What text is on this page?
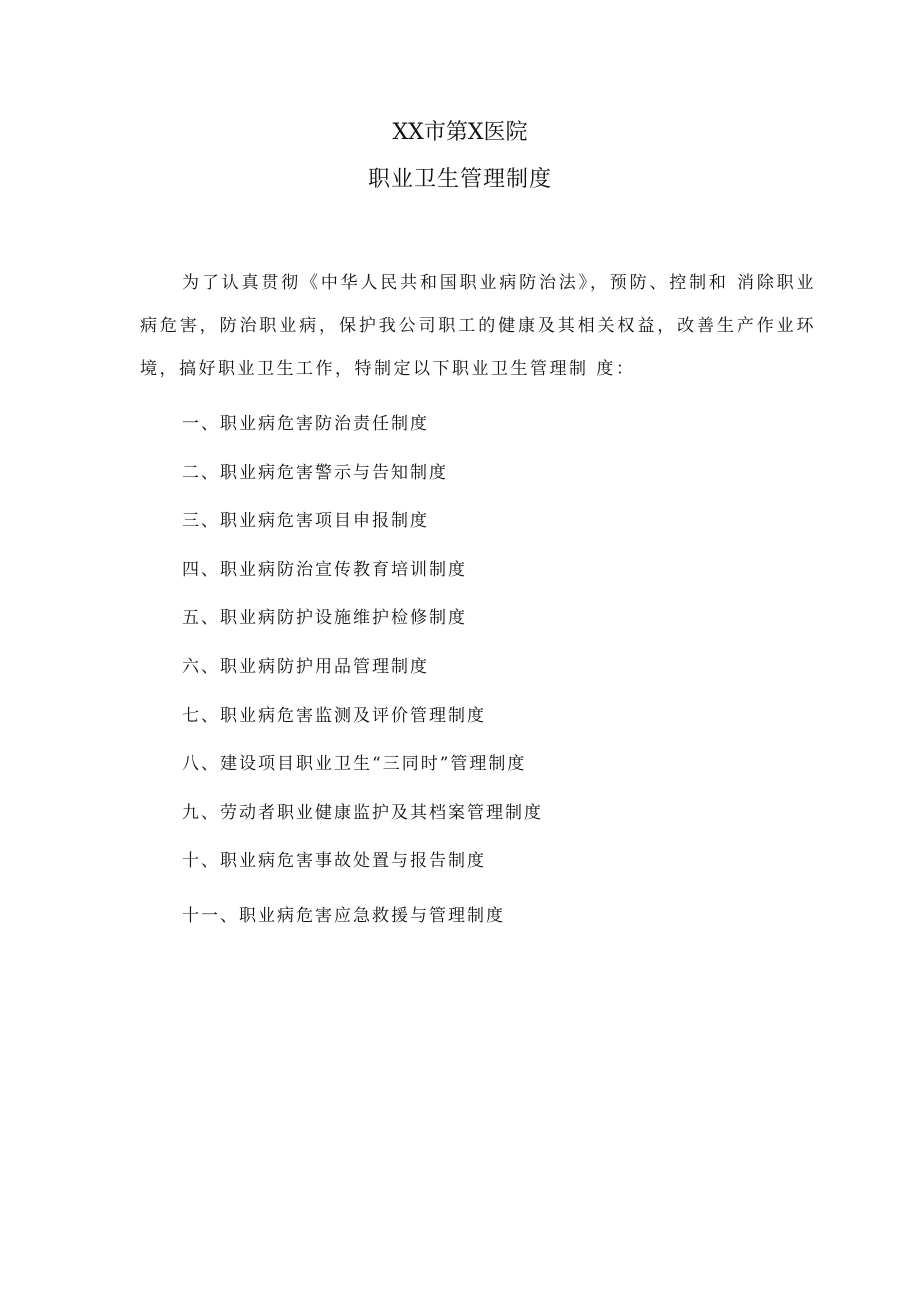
XX市第X医院
职业卫生管理制度

为了认真贯彻《中华人民共和国职业病防治法》，预防、控制和 消除职业病危害，防治职业病，保护我公司职工的健康及其相关权益，改善生产作业环境，搞好职业卫生工作，特制定以下职业卫生管理制 度：

一、职业病危害防治责任制度
二、职业病危害警示与告知制度
三、职业病危害项目申报制度
四、职业病防治宣传教育培训制度
五、职业病防护设施维护检修制度
六、职业病防护用品管理制度
七、职业病危害监测及评价管理制度
八、建设项目职业卫生“三同时”管理制度
九、劳动者职业健康监护及其档案管理制度
十、职业病危害事故处置与报告制度
十一、职业病危害应急救援与管理制度
